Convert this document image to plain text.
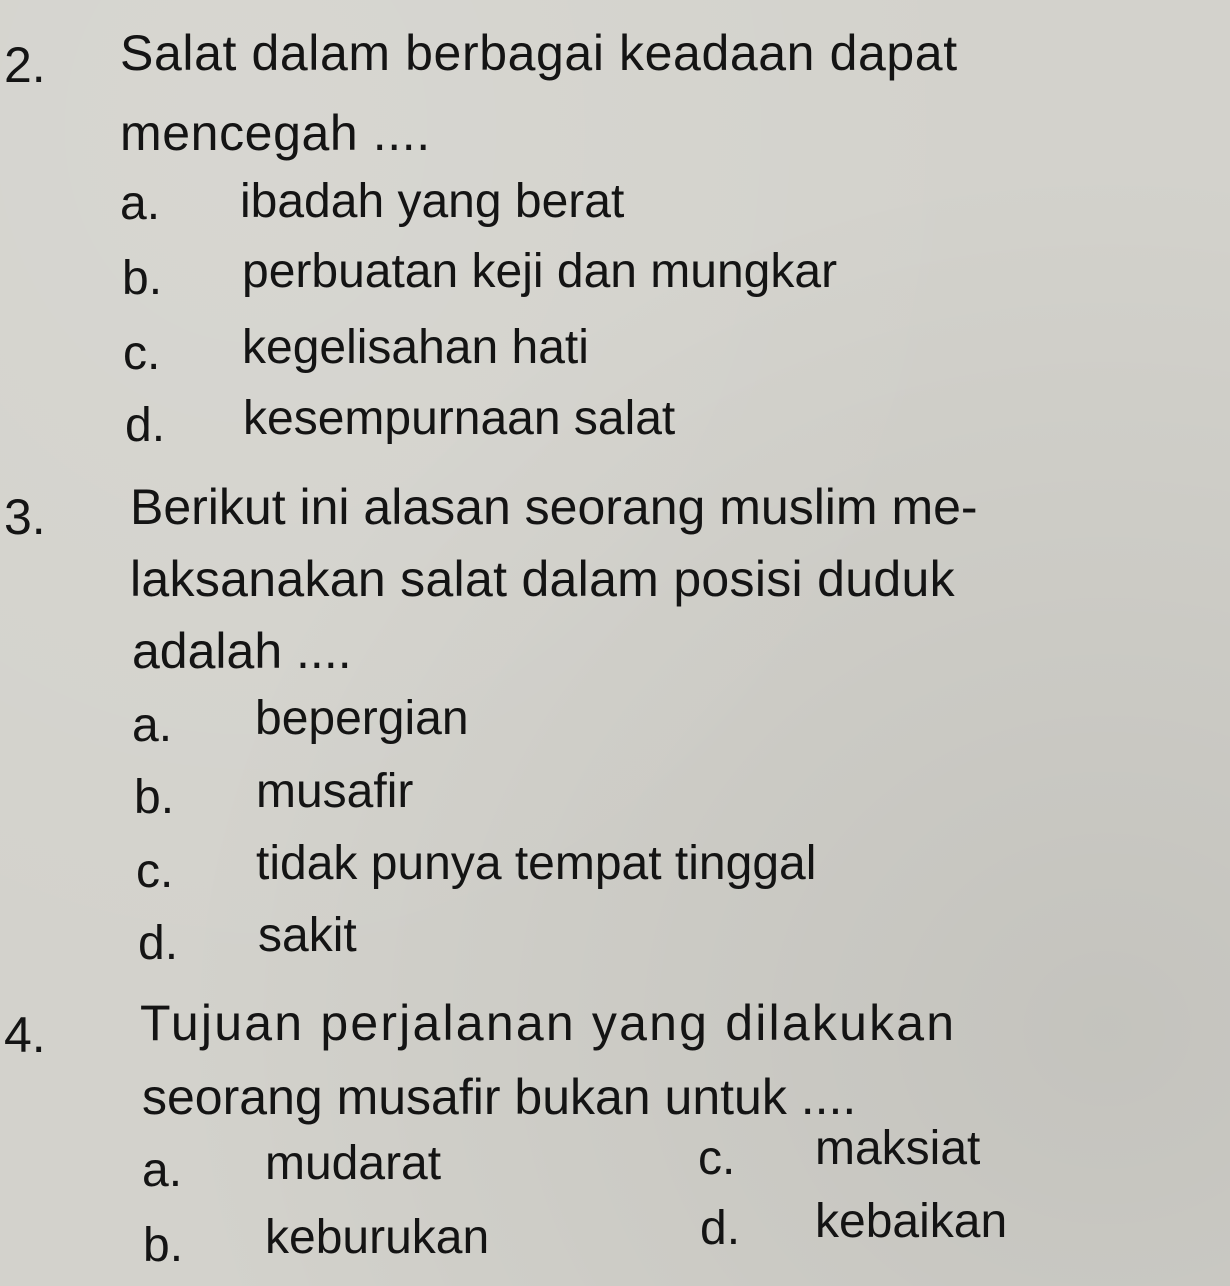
2. Salat dalam berbagai keadaan dapat
mencegah ....
a. ibadah yang berat
b. perbuatan keji dan mungkar
c. kegelisahan hati
d. kesempurnaan salat
3. Berikut ini alasan seorang muslim me-
laksanakan salat dalam posisi duduk
adalah ....
a. bepergian
b. musafir
c. tidak punya tempat tinggal
d. sakit
4. Tujuan perjalanan yang dilakukan
seorang musafir bukan untuk ....
a. mudarat
b. keburukan
c. maksiat
d. kebaikan
